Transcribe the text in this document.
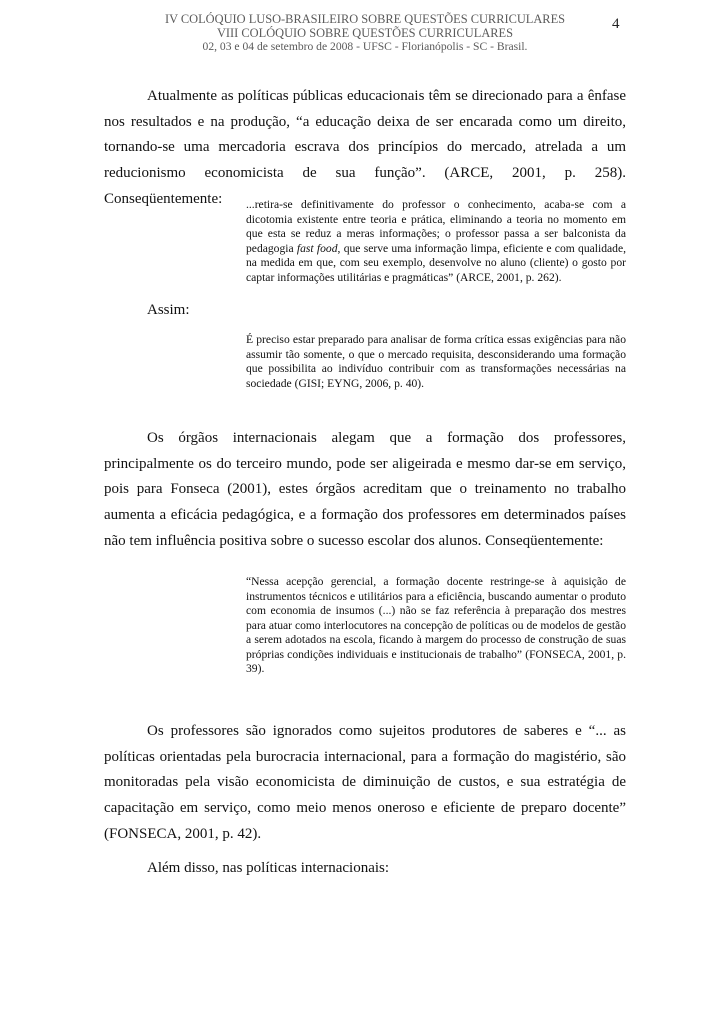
IV COLÓQUIO LUSO-BRASILEIRO SOBRE QUESTÕES CURRICULARES
VIII COLÓQUIO SOBRE QUESTÕES CURRICULARES
02, 03 e 04 de setembro de 2008 - UFSC - Florianópolis - SC - Brasil.
4

Atualmente as políticas públicas educacionais têm se direcionado para a ênfase nos resultados e na produção, “a educação deixa de ser encarada como um direito, tornando-se uma mercadoria escrava dos princípios do mercado, atrelada a um reducionismo economicista de sua função”. (ARCE, 2001, p. 258). Conseqüentemente:	...retira-se definitivamente do professor o conhecimento, acaba-se com a dicotomia existente entre teoria e prática, eliminando a teoria no momento em que esta se reduz a meras informações; o professor passa a ser balconista da pedagogia fast food, que serve uma informação limpa, eficiente e com qualidade, na medida em que, com seu exemplo, desenvolve no aluno (cliente) o gosto por captar informações utilitárias e pragmáticas” (ARCE, 2001, p. 262).

Assim:

É preciso estar preparado para analisar de forma crítica essas exigências para não assumir tão somente, o que o mercado requisita, desconsiderando uma formação que possibilita ao indivíduo contribuir com as transformações necessárias na sociedade (GISI; EYNG, 2006, p. 40).

Os órgãos internacionais alegam que a formação dos professores, principalmente os do terceiro mundo, pode ser aligeirada e mesmo dar-se em serviço, pois para Fonseca (2001), estes órgãos acreditam que o treinamento no trabalho aumenta a eficácia pedagógica, e a formação dos professores em determinados países não tem influência positiva sobre o sucesso escolar dos alunos. Conseqüentemente:

“Nessa acepção gerencial, a formação docente restringe-se à aquisição de instrumentos técnicos e utilitários para a eficiência, buscando aumentar o produto com economia de insumos (...) não se faz referência à preparação dos mestres para atuar como interlocutores na concepção de políticas ou de modelos de gestão a serem adotados na escola, ficando à margem do processo de construção de suas próprias condições individuais e institucionais de trabalho” (FONSECA, 2001, p. 39).

Os professores são ignorados como sujeitos produtores de saberes e “... as políticas orientadas pela burocracia internacional, para a formação do magistério, são monitoradas pela visão economicista de diminuição de custos, e sua estratégia de capacitação em serviço, como meio menos oneroso e eficiente de preparo docente” (FONSECA, 2001, p. 42).

Além disso, nas políticas internacionais:
